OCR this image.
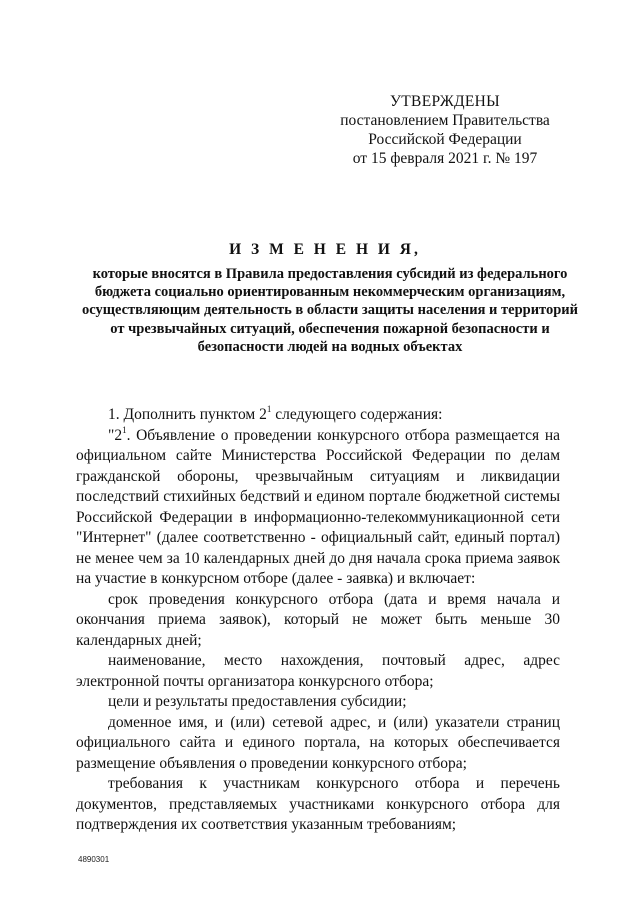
УТВЕРЖДЕНЫ
постановлением Правительства
Российской Федерации
от 15 февраля 2021 г. № 197
И З М Е Н Е Н И Я,
которые вносятся в Правила предоставления субсидий из федерального бюджета социально ориентированным некоммерческим организациям, осуществляющим деятельность в области защиты населения и территорий от чрезвычайных ситуаций, обеспечения пожарной безопасности и безопасности людей на водных объектах

1. Дополнить пунктом $2^1$ следующего содержания:

"$2^1$. Объявление о проведении конкурсного отбора размещается на официальном сайте Министерства Российской Федерации по делам гражданской обороны, чрезвычайным ситуациям и ликвидации последствий стихийных бедствий и едином портале бюджетной системы Российской Федерации в информационно-телекоммуникационной сети "Интернет" (далее соответственно - официальный сайт, единый портал) не менее чем за 10 календарных дней до дня начала срока приема заявок на участие в конкурсном отборе (далее - заявка) и включает:

срок проведения конкурсного отбора (дата и время начала и окончания приема заявок), который не может быть меньше 30 календарных дней;

наименование, место нахождения, почтовый адрес, адрес электронной почты организатора конкурсного отбора;

цели и результаты предоставления субсидии;

доменное имя, и (или) сетевой адрес, и (или) указатели страниц официального сайта и единого портала, на которых обеспечивается размещение объявления о проведении конкурсного отбора;

требования к участникам конкурсного отбора и перечень документов, представляемых участниками конкурсного отбора для подтверждения их соответствия указанным требованиям;

4890301
